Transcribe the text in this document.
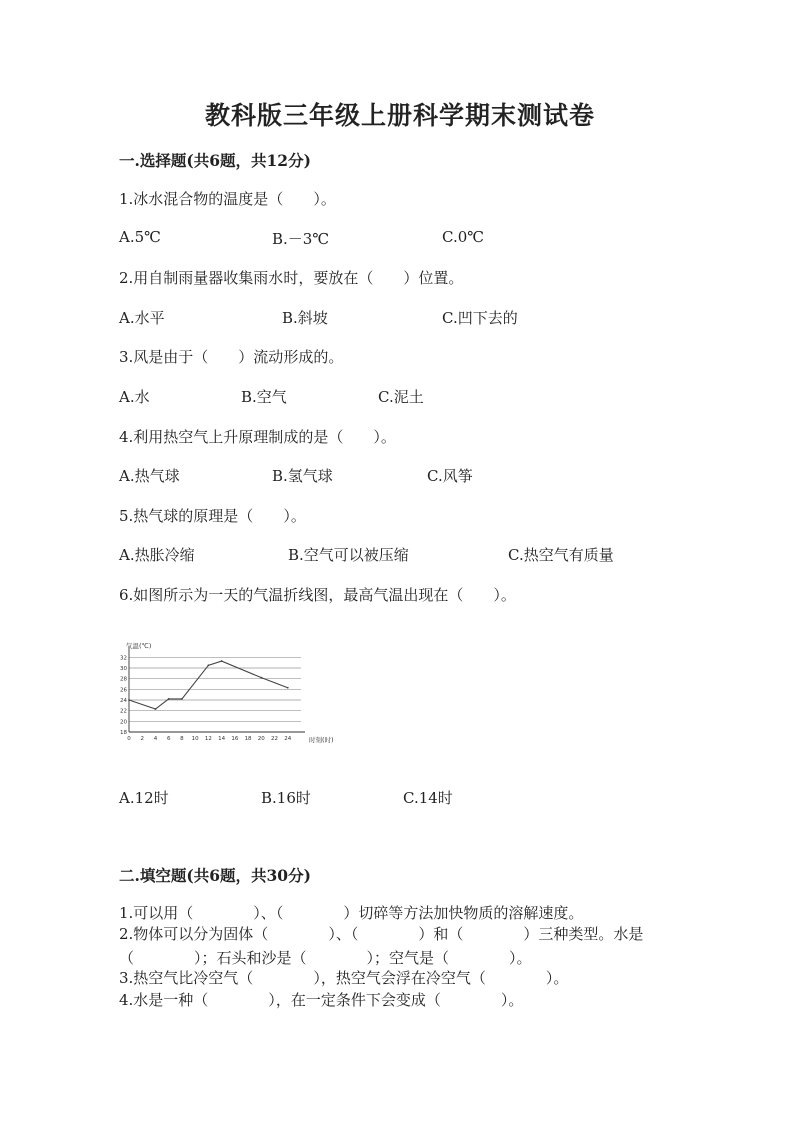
教科版三年级上册科学期末测试卷
一.选择题(共6题，共12分)
1.冰水混合物的温度是（　　）。
A.5℃	B.－3℃	C.0℃
2.用自制雨量器收集雨水时，要放在（　　）位置。
A.水平	B.斜坡	C.凹下去的
3.风是由于（　　）流动形成的。
A.水	B.空气	C.泥土
4.利用热空气上升原理制成的是（　　）。
A.热气球	B.氢气球	C.风筝
5.热气球的原理是（　　）。
A.热胀冷缩	B.空气可以被压缩	C.热空气有质量
6.如图所示为一天的气温折线图，最高气温出现在（　　）。
气温(℃)
时刻(时)
18
20
22
24
26
28
30
32
0 2 4 6 8 10 12 14 16 18 20 22 24
A.12时	B.16时	C.14时
二.填空题(共6题，共30分)
1.可以用（　　　　）、（　　　　）切碎等方法加快物质的溶解速度。
2.物体可以分为固体（　　　　）、（　　　　）和（　　　　）三种类型。水是（　　　　）；石头和沙是（　　　　）；空气是（　　　　）。
3.热空气比冷空气（　　　　），热空气会浮在冷空气（　　　　）。
4.水是一种（　　　　），在一定条件下会变成（　　　　）。
